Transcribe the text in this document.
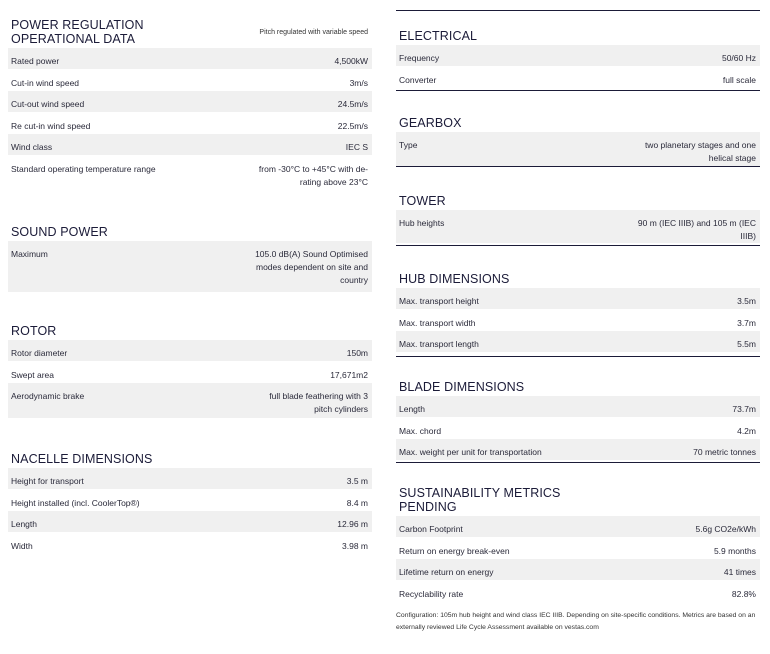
POWER REGULATION
OPERATIONAL DATA	Pitch regulated with variable speed
Rated power	4,500kW
Cut-in wind speed	3m/s
Cut-out wind speed	24.5m/s
Re cut-in wind speed	22.5m/s
Wind class	IEC S
Standard operating temperature range	from -30°C to +45°C with de-rating above 23°C
SOUND POWER
Maximum	105.0 dB(A) Sound Optimised modes dependent on site and country
ROTOR
Rotor diameter	150m
Swept area	17,671m2
Aerodynamic brake	full blade feathering with 3 pitch cylinders
NACELLE DIMENSIONS
Height for transport	3.5 m
Height installed (incl. CoolerTop®)	8.4 m
Length	12.96 m
Width	3.98 m
ELECTRICAL
Frequency	50/60 Hz
Converter	full scale
GEARBOX
Type	two planetary stages and one helical stage
TOWER
Hub heights	90 m (IEC IIIB) and 105 m (IEC IIIB)
HUB DIMENSIONS
Max. transport height	3.5m
Max. transport width	3.7m
Max. transport length	5.5m
BLADE DIMENSIONS
Length	73.7m
Max. chord	4.2m
Max. weight per unit for transportation	70 metric tonnes
SUSTAINABILITY METRICS
PENDING
Carbon Footprint	5.6g CO2e/kWh
Return on energy break-even	5.9 months
Lifetime return on energy	41 times
Recyclability rate	82.8%
Configuration: 105m hub height and wind class IEC IIIB. Depending on site-specific conditions. Metrics are based on an externally reviewed Life Cycle Assessment available on vestas.com
